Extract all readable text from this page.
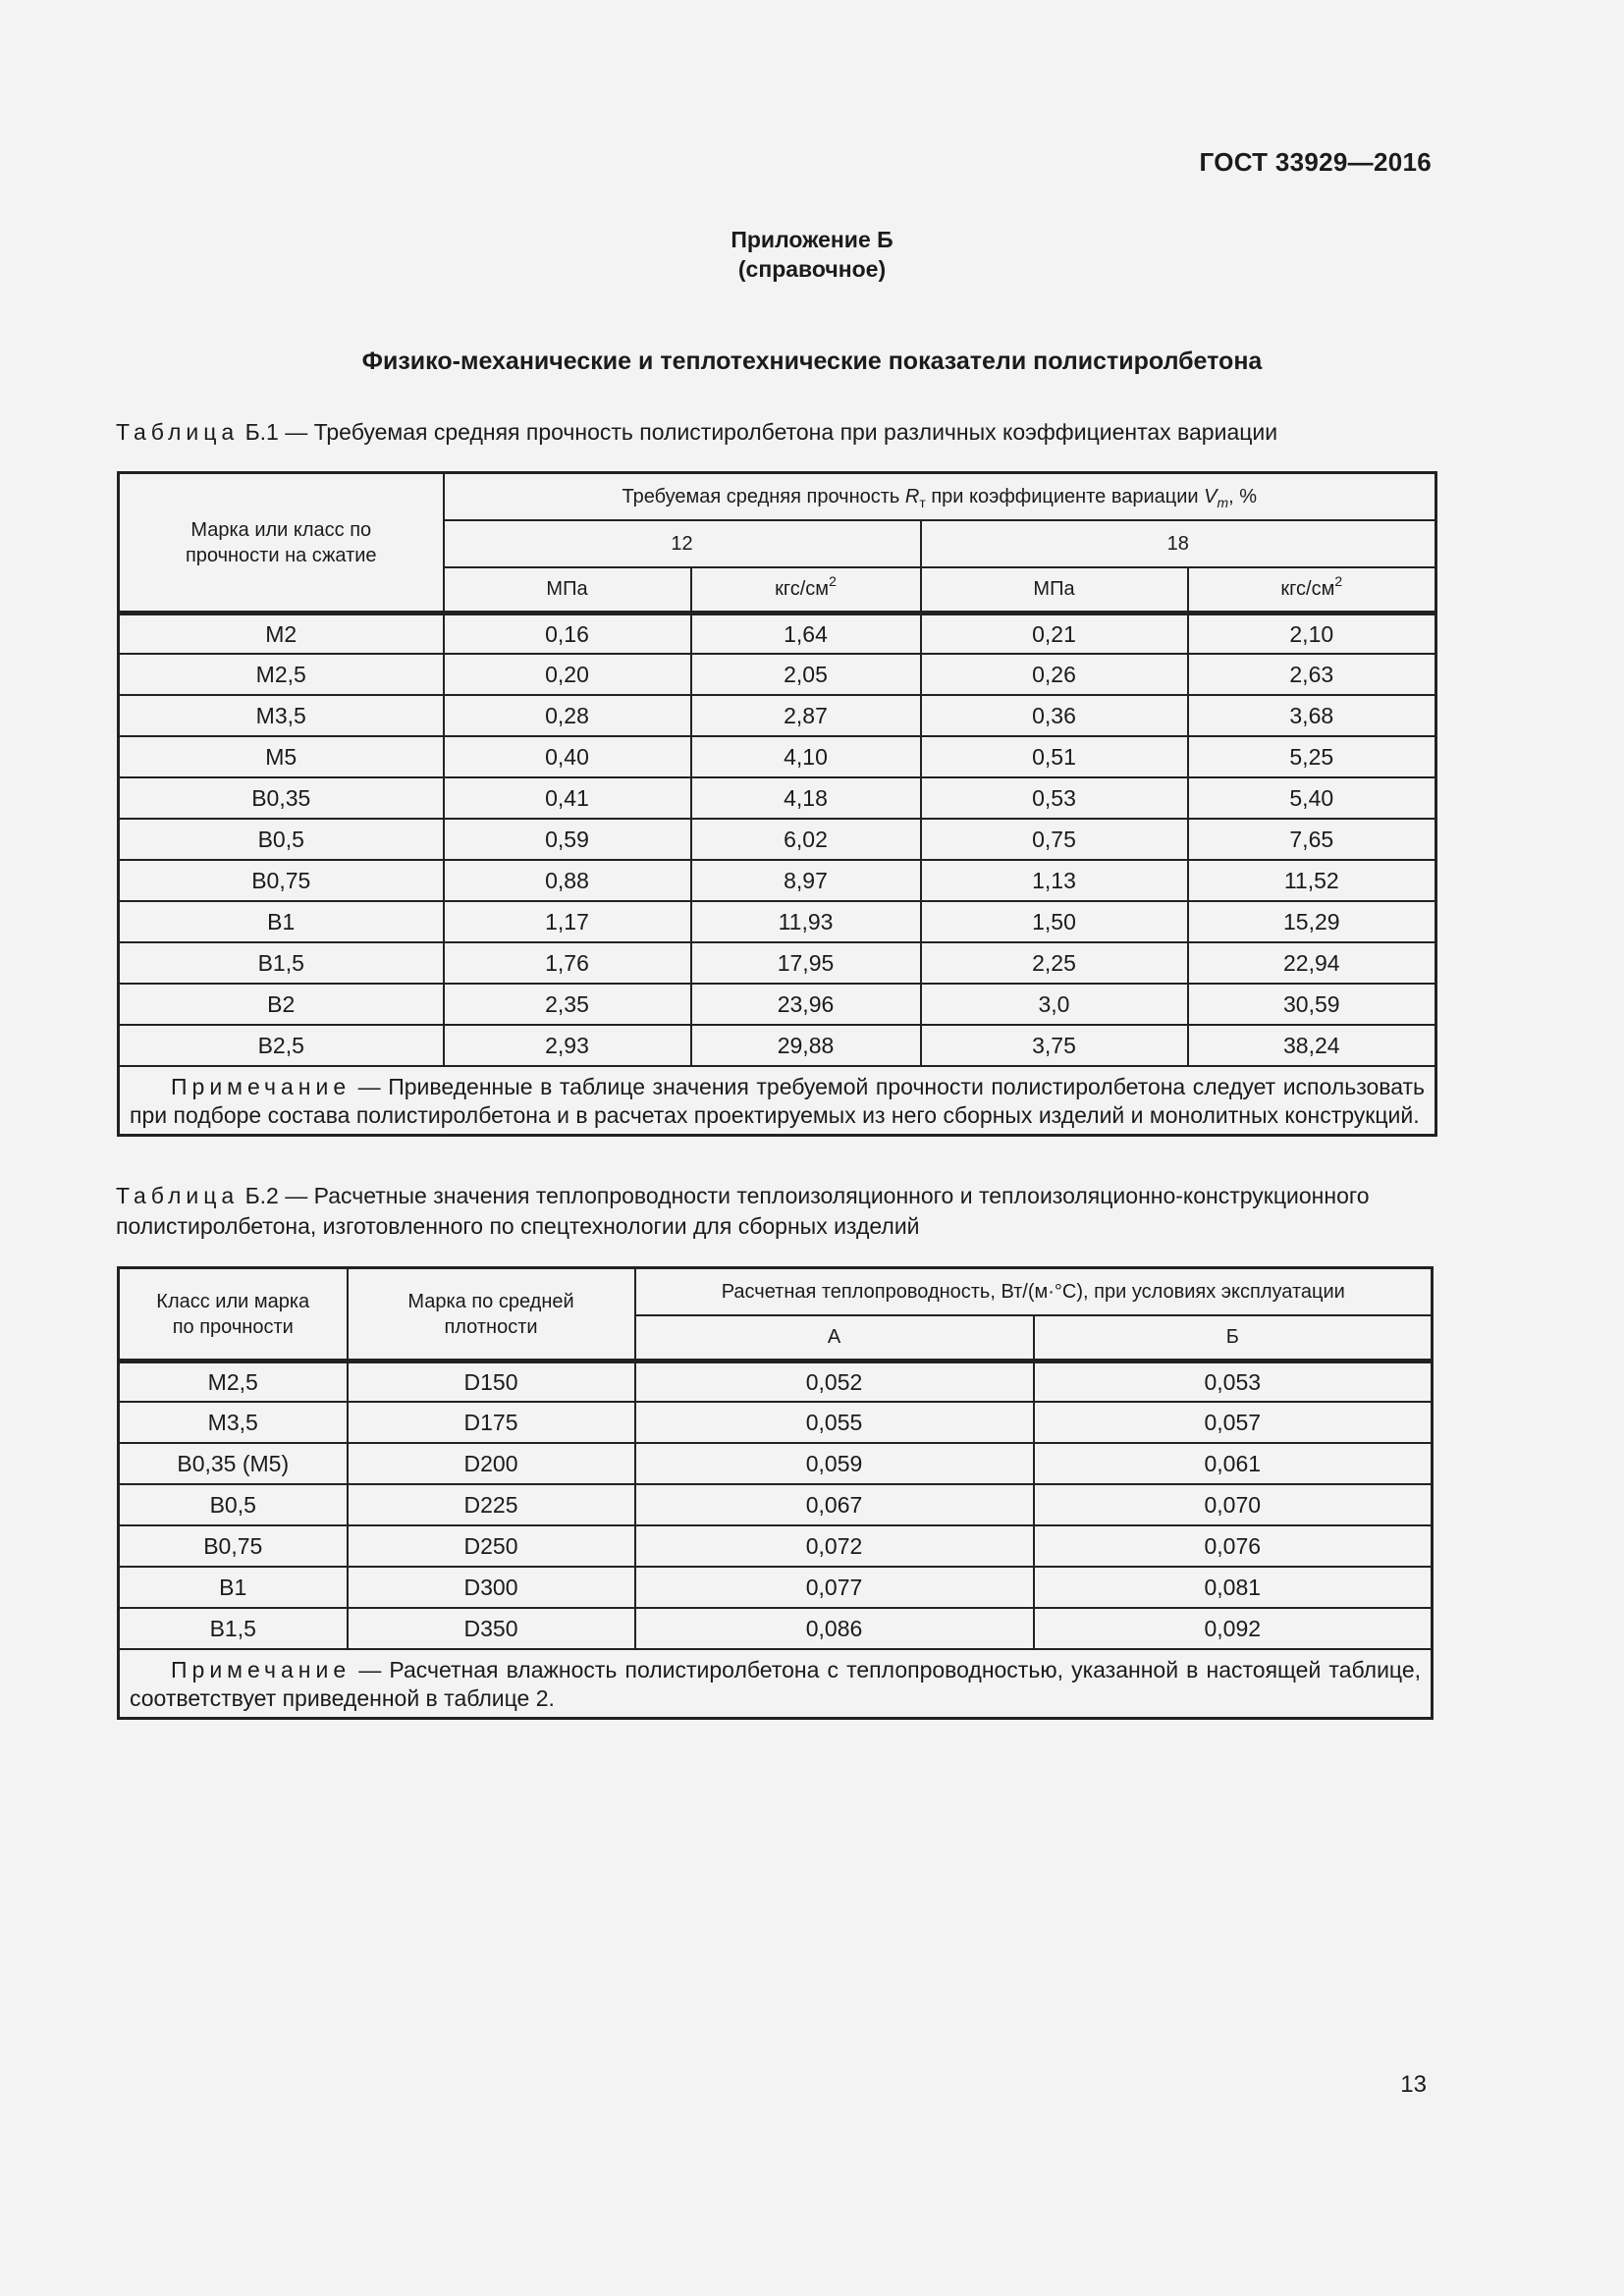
ГОСТ 33929—2016
Приложение Б
(справочное)
Физико-механические и теплотехнические показатели полистиролбетона
Таблица Б.1 — Требуемая средняя прочность полистиролбетона при различных коэффициентах вариации
Марка или класс по прочности на сжатие	Требуемая средняя прочность $R_т$ при коэффициенте вариации $V_m$, %			
	12		18	
	МПа	кгс/$см^2$	МПа	кгс/$см^2$
М2	0,16	1,64	0,21	2,10
М2,5	0,20	2,05	0,26	2,63
М3,5	0,28	2,87	0,36	3,68
М5	0,40	4,10	0,51	5,25
В0,35	0,41	4,18	0,53	5,40
В0,5	0,59	6,02	0,75	7,65
В0,75	0,88	8,97	1,13	11,52
В1	1,17	11,93	1,50	15,29
В1,5	1,76	17,95	2,25	22,94
В2	2,35	23,96	3,0	30,59
В2,5	2,93	29,88	3,75	38,24
Примечание — Приведенные в таблице значения требуемой прочности полистиролбетона следует использовать при подборе состава полистиролбетона и в расчетах проектируемых из него сборных изделий и монолитных конструкций.				
Таблица Б.2 — Расчетные значения теплопроводности теплоизоляционного и теплоизоляционно-конструкционного полистиролбетона, изготовленного по спецтехнологии для сборных изделий
Класс или марка по прочности	Марка по средней плотности	Расчетная теплопроводность, Вт/(м·°С), при условиях эксплуатации	
		А	Б
М2,5	D150	0,052	0,053
М3,5	D175	0,055	0,057
В0,35 (М5)	D200	0,059	0,061
В0,5	D225	0,067	0,070
В0,75	D250	0,072	0,076
В1	D300	0,077	0,081
В1,5	D350	0,086	0,092
Примечание — Расчетная влажность полистиролбетона с теплопроводностью, указанной в настоящей таблице, соответствует приведенной в таблице 2.			
13
